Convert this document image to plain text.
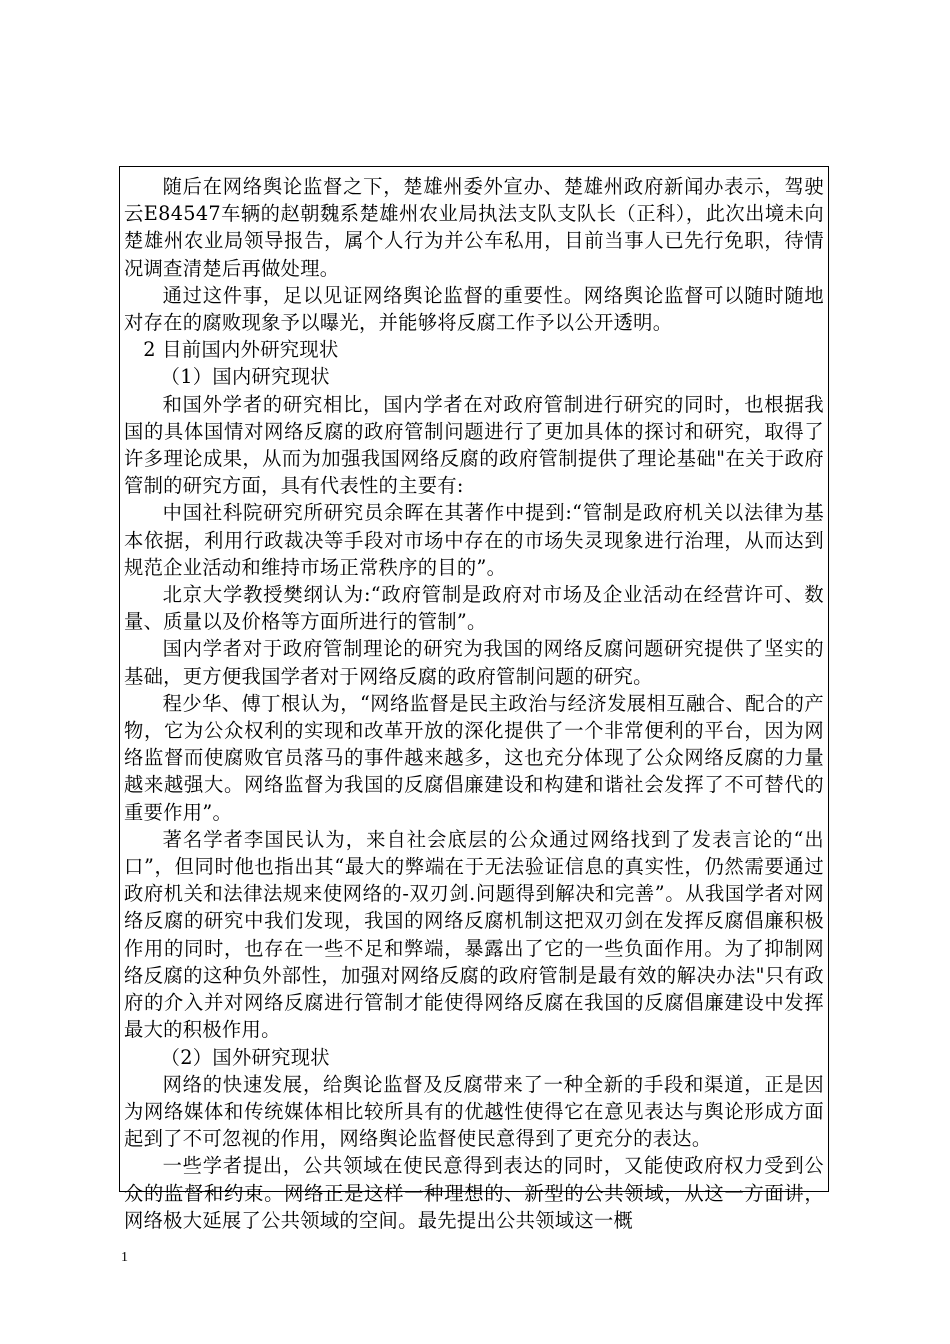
随后在网络舆论监督之下，楚雄州委外宣办、楚雄州政府新闻办表示，驾驶云E84547车辆的赵朝魏系楚雄州农业局执法支队支队长（正科），此次出境未向楚雄州农业局领导报告，属个人行为并公车私用，目前当事人已先行免职，待情况调查清楚后再做处理。

通过这件事，足以见证网络舆论监督的重要性。网络舆论监督可以随时随地对存在的腐败现象予以曝光，并能够将反腐工作予以公开透明。

2 目前国内外研究现状

（1）国内研究现状

和国外学者的研究相比，国内学者在对政府管制进行研究的同时，也根据我国的具体国情对网络反腐的政府管制问题进行了更加具体的探讨和研究，取得了许多理论成果，从而为加强我国网络反腐的政府管制提供了理论基础"在关于政府管制的研究方面，具有代表性的主要有:

中国社科院研究所研究员余晖在其著作中提到:“管制是政府机关以法律为基本依据，利用行政裁决等手段对市场中存在的市场失灵现象进行治理，从而达到规范企业活动和维持市场正常秩序的目的”。

北京大学教授樊纲认为:“政府管制是政府对市场及企业活动在经营许可、数量、质量以及价格等方面所进行的管制”。

国内学者对于政府管制理论的研究为我国的网络反腐问题研究提供了坚实的基础，更方便我国学者对于网络反腐的政府管制问题的研究。

程少华、傅丁根认为，“网络监督是民主政治与经济发展相互融合、配合的产物，它为公众权利的实现和改革开放的深化提供了一个非常便利的平台，因为网络监督而使腐败官员落马的事件越来越多，这也充分体现了公众网络反腐的力量越来越强大。网络监督为我国的反腐倡廉建设和构建和谐社会发挥了不可替代的重要作用”。

著名学者李国民认为，来自社会底层的公众通过网络找到了发表言论的“出口”，但同时他也指出其“最大的弊端在于无法验证信息的真实性，仍然需要通过政府机关和法律法规来使网络的-双刃剑.问题得到解决和完善”。从我国学者对网络反腐的研究中我们发现，我国的网络反腐机制这把双刃剑在发挥反腐倡廉积极作用的同时，也存在一些不足和弊端，暴露出了它的一些负面作用。为了抑制网络反腐的这种负外部性，加强对网络反腐的政府管制是最有效的解决办法"只有政府的介入并对网络反腐进行管制才能使得网络反腐在我国的反腐倡廉建设中发挥最大的积极作用。

（2）国外研究现状

网络的快速发展，给舆论监督及反腐带来了一种全新的手段和渠道，正是因为网络媒体和传统媒体相比较所具有的优越性使得它在意见表达与舆论形成方面起到了不可忽视的作用，网络舆论监督使民意得到了更充分的表达。

一些学者提出，公共领域在使民意得到表达的同时，又能使政府权力受到公众的监督和约束。网络正是这样一种理想的、新型的公共领域，从这一方面讲，网络极大延展了公共领域的空间。最先提出公共领域这一概

1
